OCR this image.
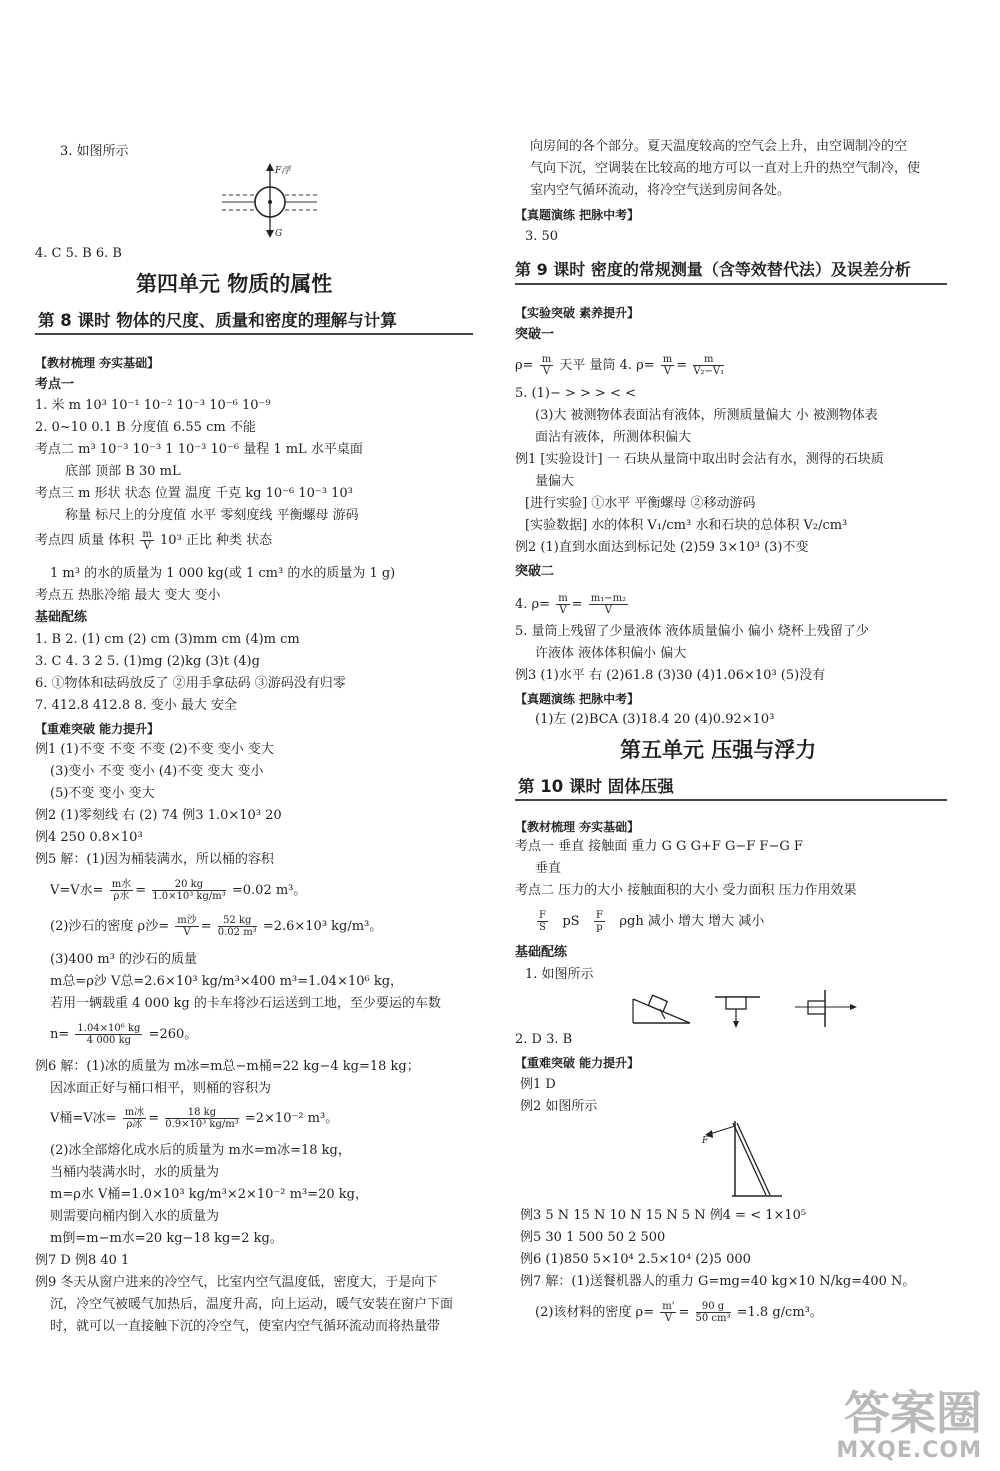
3. 如图所示
F浮
G
4. C 5. B 6. B
第四单元 物质的属性
第 8 课时 物体的尺度、质量和密度的理解与计算
【教材梳理 夯实基础】
考点一
1. 米 m 10³ 10⁻¹ 10⁻² 10⁻³ 10⁻⁶ 10⁻⁹
2. 0~10 0.1 B 分度值 6.55 cm 不能
考点二 m³ 10⁻³ 10⁻³ 1 10⁻³ 10⁻⁶ 量程 1 mL 水平桌面
底部 顶部 B 30 mL
考点三 m 形状 状态 位置 温度 千克 kg 10⁻⁶ 10⁻³ 10³
称量 标尺上的分度值 水平 零刻度线 平衡螺母 游码
考点四 质量 体积 $\frac{m}{V} 10^3$ 正比 种类 状态
1 m³ 的水的质量为 1 000 kg(或 1 cm³ 的水的质量为 1 g)
考点五 热胀冷缩 最大 变大 变小
基础配练
1. B 2. (1) cm (2) cm (3)mm cm (4)m cm
3. C 4. 3 2 5. (1)mg (2)kg (3)t (4)g
6. ①物体和砝码放反了 ②用手拿砝码 ③游码没有归零
7. 412.8 412.8 8. 变小 最大 安全
【重难突破 能力提升】
例1 (1)不变 不变 不变 (2)不变 变小 变大
(3)变小 不变 变小 (4)不变 变大 变小
(5)不变 变小 变大
例2 (1)零刻线 右 (2) 74 例3 1.0×10³ 20
例4 250 0.8×10³
例5 解：(1)因为桶装满水，所以桶的容积
V=V水= $\frac{\text{m水}}{\text{ρ水}} = \frac{20 kg}{\text{1.0×10³ kg/m³}} =0.02$ m³。
(2)沙石的密度 ρ沙= $\frac{\text{m沙}}{V} = \frac{52 kg}{\text{0.02 m³}} =2.6\times 10^3$ kg/m³。
(3)400 m³ 的沙石的质量
m总=ρ沙 V总=2.6×10³ kg/m³×400 m³=1.04×10⁶ kg，
若用一辆载重 4 000 kg 的卡车将沙石运送到工地，至少要运的车数
$n= \frac{\text{1.04×10⁶ kg}}{4 000 kg} =260$。
例6 解：(1)冰的质量为 m冰=m总−m桶=22 kg−4 kg=18 kg；
因冰面正好与桶口相平，则桶的容积为
V桶=V冰= $\frac{\text{m冰}}{\text{ρ冰}} = \frac{18 kg}{\text{0.9×10³ kg/m³}} =2\times 10^{-2}$ m³。
(2)冰全部熔化成水后的质量为 m水=m冰=18 kg，
当桶内装满水时，水的质量为
m=ρ水 V桶=1.0×10³ kg/m³×2×10⁻² m³=20 kg，
则需要向桶内倒入水的质量为
m倒=m−m水=20 kg−18 kg=2 kg。
例7 D 例8 40 1
例9 冬天从窗户进来的冷空气，比室内空气温度低，密度大，于是向下
沉，冷空气被暖气加热后，温度升高，向上运动，暖气安装在窗户下面
时，就可以一直接触下沉的冷空气，使室内空气循环流动而将热量带
向房间的各个部分。夏天温度较高的空气会上升，由空调制冷的空
气向下沉，空调装在比较高的地方可以一直对上升的热空气制冷，使
室内空气循环流动，将冷空气送到房间各处。
【真题演练 把脉中考】
3. 50
第 9 课时 密度的常规测量（含等效替代法）及误差分析
【实验突破 素养提升】
突破一
$\rho= \frac{m}{V}$ 天平 量筒 4. $\rho= \frac{m}{V} = \frac{m}{\text{V₂−V₁}}$
5. (1)− > > > < <
(3)大 被测物体表面沾有液体，所测质量偏大 小 被测物体表
面沾有液体，所测体积偏大
例1 [实验设计] 一 石块从量筒中取出时会沾有水，测得的石块质
量偏大
[进行实验] ①水平 平衡螺母 ②移动游码
[实验数据] 水的体积 V₁/cm³ 水和石块的总体积 V₂/cm³
例2 (1)直到水面达到标记处 (2)59 3×10³ (3)不变
突破二
4. $\rho= \frac{m}{V} = \frac{\text{m₁−m₂}}{V}$
5. 量筒上残留了少量液体 液体质量偏小 偏小 烧杯上残留了少
许液体 液体体积偏小 偏大
例3 (1)水平 右 (2)61.8 (3)30 (4)1.06×10³ (5)没有
【真题演练 把脉中考】
(1)左 (2)BCA (3)18.4 20 (4)0.92×10³
第五单元 压强与浮力
第 10 课时 固体压强
【教材梳理 夯实基础】
考点一 垂直 接触面 重力 G G G+F G−F F−G F
垂直
考点二 压力的大小 接触面积的大小 受力面积 压力作用效果
$\frac{F}{S}$ pS $\frac{F}{p}$ ρgh 减小 增大 增大 减小
基础配练
1. 如图所示
2. D 3. B
【重难突破 能力提升】
例1 D
例2 如图所示
F
例3 5 N 15 N 10 N 15 N 5 N 例4 = < 1×10⁵
例5 30 1 500 50 2 500
例6 (1)850 5×10⁴ 2.5×10⁴ (2)5 000
例7 解：(1)送餐机器人的重力 G=mg=40 kg×10 N/kg=400 N。
(2)该材料的密度 $\rho= \frac{m'}{V} = \frac{90 g}{\text{50 cm³}} =1.8$ g/cm³。
答案圈
MXQE.COM
